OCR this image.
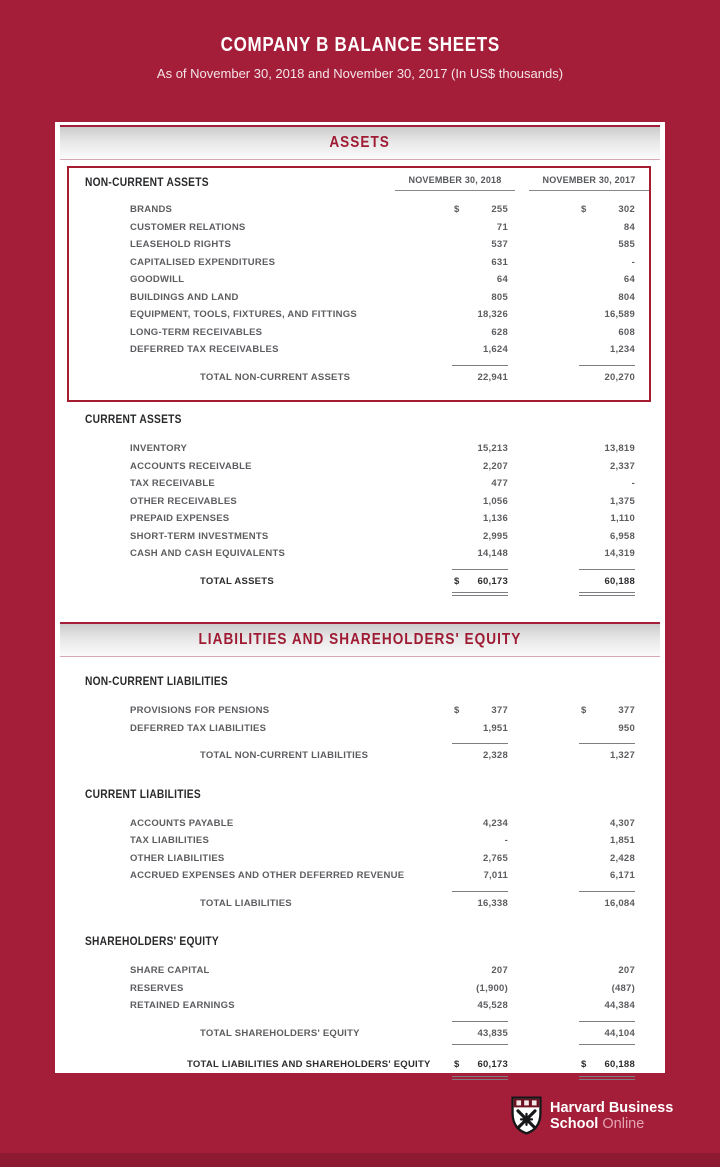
COMPANY B BALANCE SHEETS
As of November 30, 2018 and November 30, 2017 (In US$ thousands)
ASSETS
NON-CURRENT ASSETS	NOVEMBER 30, 2018	NOVEMBER 30, 2017
BRANDS	$	255	$	302
CUSTOMER RELATIONS	71	84
LEASEHOLD RIGHTS	537	585
CAPITALISED EXPENDITURES	631	-
GOODWILL	64	64
BUILDINGS AND LAND	805	804
EQUIPMENT, TOOLS, FIXTURES, AND FITTINGS	18,326	16,589
LONG-TERM RECEIVABLES	628	608
DEFERRED TAX RECEIVABLES	1,624	1,234
TOTAL NON-CURRENT ASSETS	22,941	20,270
CURRENT ASSETS
INVENTORY	15,213	13,819
ACCOUNTS RECEIVABLE	2,207	2,337
TAX RECEIVABLE	477	-
OTHER RECEIVABLES	1,056	1,375
PREPAID EXPENSES	1,136	1,110
SHORT-TERM INVESTMENTS	2,995	6,958
CASH AND CASH EQUIVALENTS	14,148	14,319
TOTAL ASSETS	$ 60,173	60,188
LIABILITIES AND SHAREHOLDERS' EQUITY
NON-CURRENT LIABILITIES
PROVISIONS FOR PENSIONS	$	377	$	377
DEFERRED TAX LIABILITIES	1,951	950
TOTAL NON-CURRENT LIABILITIES	2,328	1,327
CURRENT LIABILITIES
ACCOUNTS PAYABLE	4,234	4,307
TAX LIABILITIES	-	1,851
OTHER LIABILITIES	2,765	2,428
ACCRUED EXPENSES AND OTHER DEFERRED REVENUE	7,011	6,171
TOTAL LIABILITIES	16,338	16,084
SHAREHOLDERS' EQUITY
SHARE CAPITAL	207	207
RESERVES	(1,900)	(487)
RETAINED EARNINGS	45,528	44,384
TOTAL SHAREHOLDERS' EQUITY	43,835	44,104
TOTAL LIABILITIES AND SHAREHOLDERS' EQUITY	$ 60,173	$ 60,188
Harvard Business
School Online
